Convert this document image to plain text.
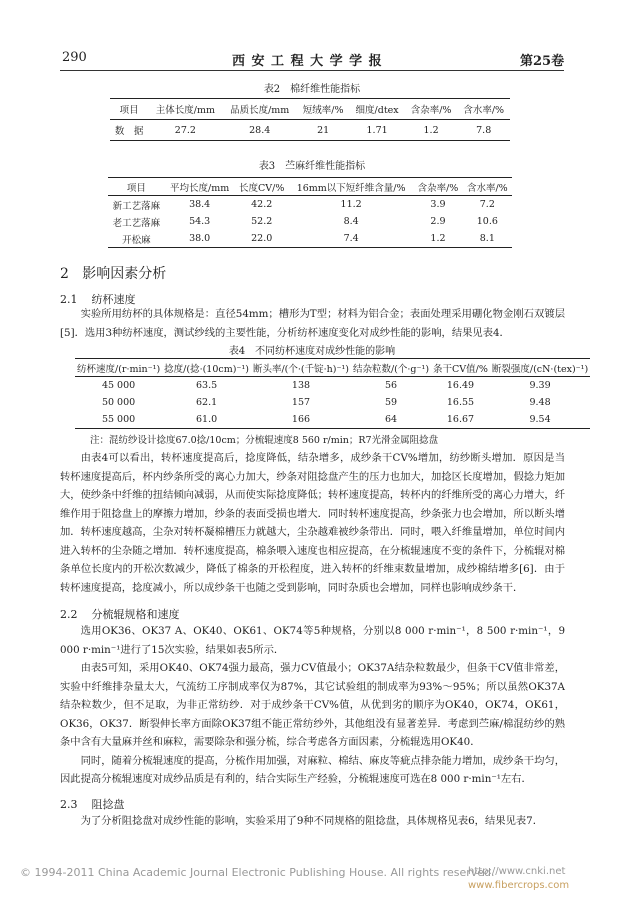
290	西 安 工 程 大 学 学 报	第25卷
表2　棉纤维性能指标
项目	主体长度/mm	品质长度/mm	短绒率/%	细度/dtex	含杂率/%	含水率/%
数　据	27.2	28.4	21	1.71	1.2	7.8
表3　苎麻纤维性能指标
项目	平均长度/mm	长度CV/%	16mm以下短纤维含量/%	含杂率/%	含水率/%
新工艺落麻	38.4	42.2	11.2	3.9	7.2
老工艺落麻	54.3	52.2	8.4	2.9	10.6
开松麻	38.0	22.0	7.4	1.2	8.1
2 影响因素分析
2.1 纺杯速度

实验所用纺杯的具体规格是：直径54mm；槽形为T型；材料为铝合金；表面处理采用硼化物金刚石双镀层[5]．选用3种纺杯速度，测试纱线的主要性能，分析纺杯速度变化对成纱性能的影响，结果见表4．

表4　不同纺杯速度对成纱性能的影响
纺杯速度/(r·min⁻¹)	捻度/(捻·(10cm)⁻¹)	断头率/(个·(千锭·h)⁻¹)	结杂粒数/(个·g⁻¹)	条干CV值/%	断裂强度/(cN·(tex)⁻¹)
45 000	63.5	138	56	16.49	9.39
50 000	62.1	157	59	16.55	9.48
55 000	61.0	166	64	16.67	9.54
注：混纺纱设计捻度67.0捻/10cm；分梳辊速度8 560 r/min；R7光滑金属阻捻盘

由表4可以看出，转杯速度提高后，捻度降低，结杂增多，成纱条干CV%增加，纺纱断头增加．原因是当转杯速度提高后，杯内纱条所受的离心力加大，纱条对阻捻盘产生的压力也加大，加捻区长度增加，假捻力矩加大，使纱条中纤维的扭结倾向减弱，从而使实际捻度降低；转杯速度提高，转杯内的纤维所受的离心力增大，纤维作用于阻捻盘上的摩擦力增加，纱条的表面受损也增大．同时转杯速度提高，纱条张力也会增加，所以断头增加．转杯速度越高，尘杂对转杯凝棉槽压力就越大，尘杂越难被纱条带出．同时，喂入纤维量增加，单位时间内进入转杯的尘杂随之增加．转杯速度提高，棉条喂入速度也相应提高，在分梳辊速度不变的条件下，分梳辊对棉条单位长度内的开松次数减少，降低了棉条的开松程度，进入转杯的纤维束数量增加，成纱棉结增多[6]．由于转杯速度提高，捻度减小，所以成纱条干也随之受到影响，同时杂质也会增加，同样也影响成纱条干．

2.2 分梳辊规格和速度

选用OK36、OK37 A、OK40、OK61、OK74等5种规格，分别以8 000 r·min⁻¹，8 500 r·min⁻¹，9 000 r·min⁻¹进行了15次实验，结果如表5所示．

由表5可知，采用OK40、OK74强力最高，强力CV值最小；OK37A结杂粒数最少，但条干CV值非常差，实验中纤维排杂量太大，气流纺工序制成率仅为87%，其它试验组的制成率为93%～95%；所以虽然OK37A结杂粒数少，但不足取，为非正常纺纱．对于成纱条干CV%值，从优到劣的顺序为OK40，OK74，OK61，OK36，OK37．断裂伸长率方面除OK37组不能正常纺纱外，其他组没有显著差异．考虑到苎麻/棉混纺纱的熟条中含有大量麻并丝和麻粒，需要除杂和强分梳，综合考虑各方面因素，分梳辊选用OK40．

同时，随着分梳辊速度的提高，分梳作用加强，对麻粒、棉结、麻皮等疵点排杂能力增加，成纱条干均匀，因此提高分梳辊速度对成纱品质是有利的，结合实际生产经验，分梳辊速度可选在8 000 r·min⁻¹左右．

2.3 阻捻盘

为了分析阻捻盘对成纱性能的影响，实验采用了9种不同规格的阻捻盘，具体规格见表6，结果见表7．

© 1994-2011 China Academic Journal Electronic Publishing House. All rights reserved.
http://www.cnki.net
www.fibercrops.com
